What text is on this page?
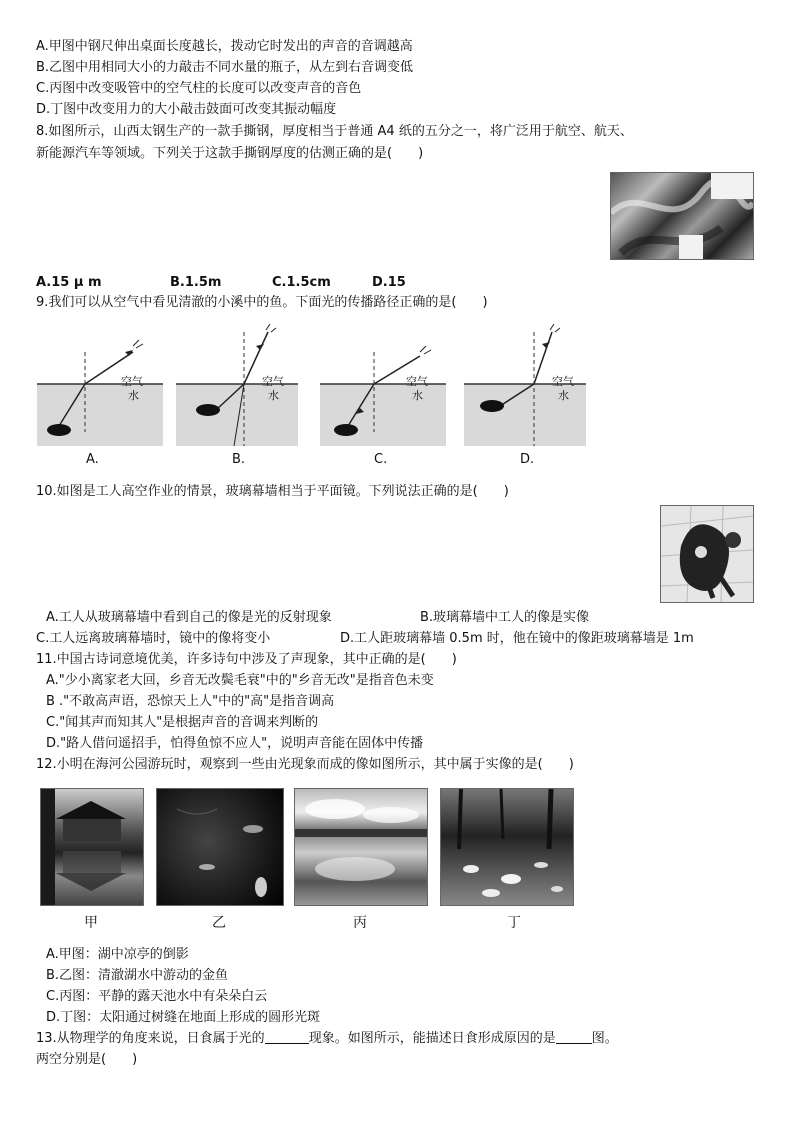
A.甲图中钢尺伸出桌面长度越长，拨动它时发出的声音的音调越高
B.乙图中用相同大小的力敲击不同水量的瓶子，从左到右音调变低
C.丙图中改变吸管中的空气柱的长度可以改变声音的音色
D.丁图中改变用力的大小敲击鼓面可改变其振动幅度
8.如图所示，山西太钢生产的一款手撕钢，厚度相当于普通 A4 纸的五分之一，将广泛用于航空、航天、
新能源汽车等领域。下列关于这款手撕钢厚度的估测正确的是(　　)
A.15 μ m	B.1.5m	C.1.5cm	D.15
9.我们可以从空气中看见清澈的小溪中的鱼。下面光的传播路径正确的是(　　)
空气
水
空气
水
空气
水
空气
水
A.	B.	C.	D.
10.如图是工人高空作业的情景，玻璃幕墙相当于平面镜。下列说法正确的是(　　)
A.工人从玻璃幕墙中看到自己的像是光的反射现象	B.玻璃幕墙中工人的像是实像
C.工人远离玻璃幕墙时，镜中的像将变小	D.工人距玻璃幕墙 0.5m 时，他在镜中的像距玻璃幕墙是 1m
11.中国古诗词意境优美，许多诗句中涉及了声现象，其中正确的是(　　)
A."少小离家老大回，乡音无改鬓毛衰"中的"乡音无改"是指音色未变
B ."不敢高声语，恐惊天上人"中的"高"是指音调高
C."闻其声而知其人"是根据声音的音调来判断的
D."路人借问遥招手，怕得鱼惊不应人"，说明声音能在固体中传播
12.小明在海河公园游玩时，观察到一些由光现象而成的像如图所示，其中属于实像的是(　　)
甲	乙	丙	丁
A.甲图：湖中凉亭的倒影
B.乙图：清澈湖水中游动的金鱼
C.丙图：平静的露天池水中有朵朵白云
D.丁图：太阳通过树缝在地面上形成的圆形光斑
13.从物理学的角度来说，日食属于光的	现象。如图所示，能描述日食形成原因的是	图。
两空分别是(　　)
